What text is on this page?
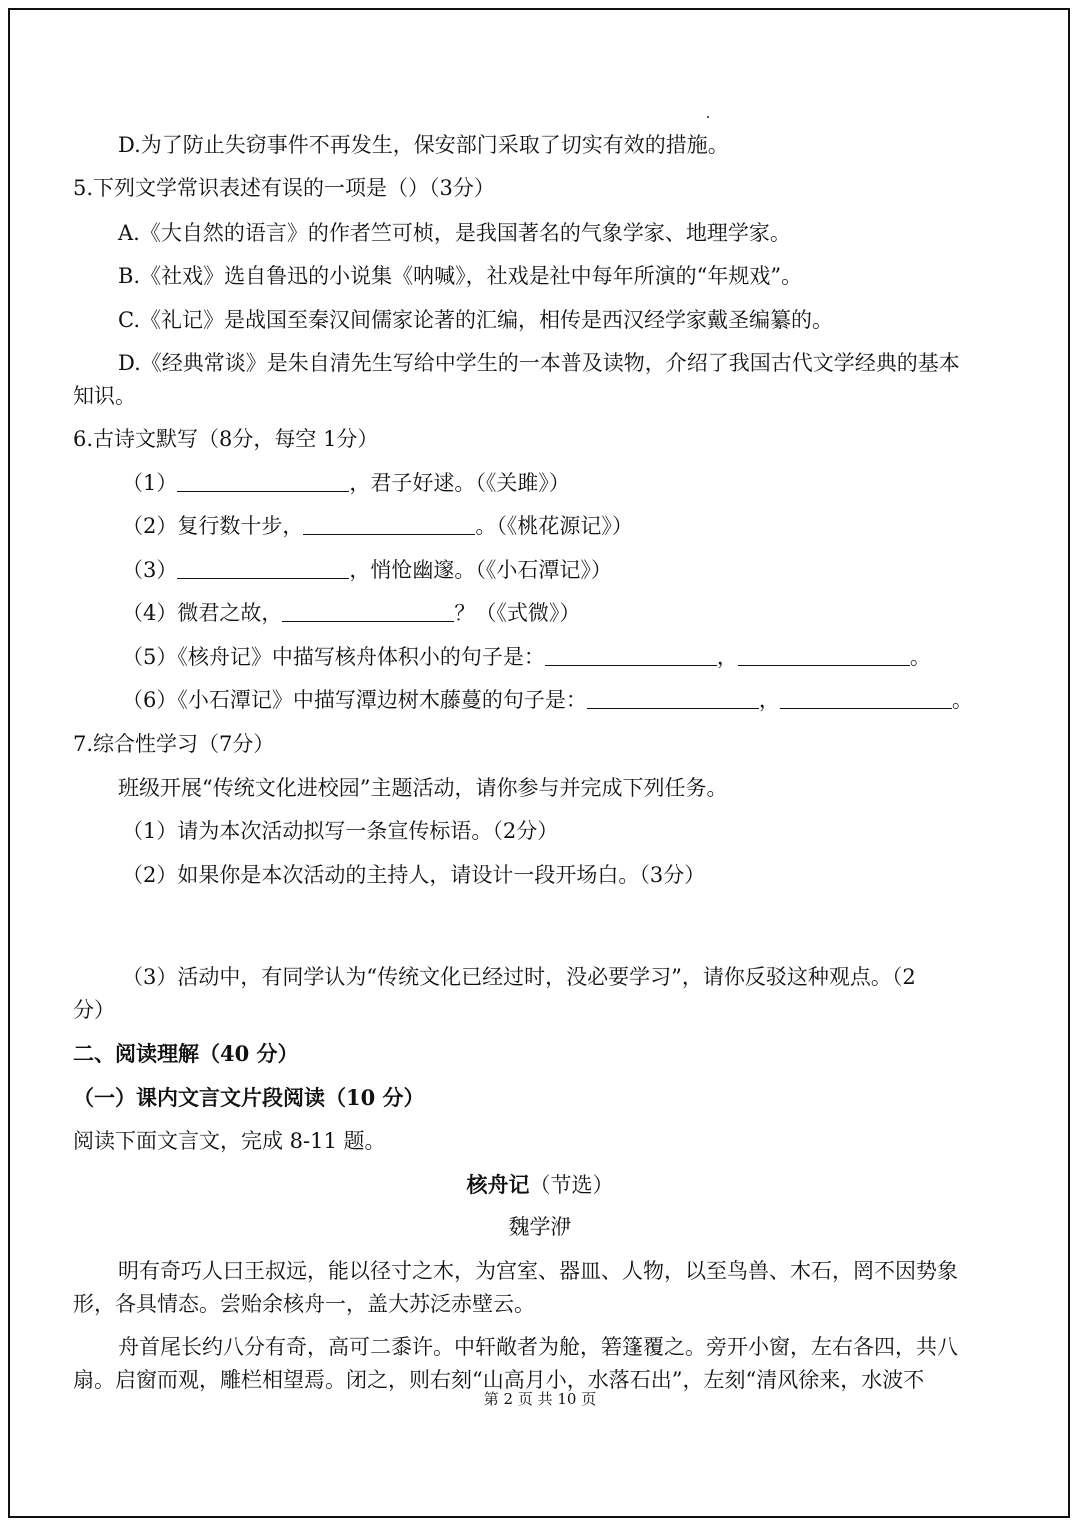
D.为了防止失窃事件不再发生，保安部门采取了切实有效的措施。
5.下列文学常识表述有误的一项是（）（3分）
A.《大自然的语言》的作者竺可桢，是我国著名的气象学家、地理学家。
B.《社戏》选自鲁迅的小说集《呐喊》，社戏是社中每年所演的“年规戏”。
C.《礼记》是战国至秦汉间儒家论著的汇编，相传是西汉经学家戴圣编纂的。
D.《经典常谈》是朱自清先生写给中学生的一本普及读物，介绍了我国古代文学经典的基本
知识。
6.古诗文默写（8分，每空 1分）
（1）	，君子好逑。（《关雎》）
（2）复行数十步，	。（《桃花源记》）
（3）	，悄怆幽邃。（《小石潭记》）
（4）微君之故，	？（《式微》）
（5）《核舟记》中描写核舟体积小的句子是：	，	。
（6）《小石潭记》中描写潭边树木藤蔓的句子是：	，	。
7.综合性学习（7分）
班级开展“传统文化进校园”主题活动，请你参与并完成下列任务。
（1）请为本次活动拟写一条宣传标语。（2分）
（2）如果你是本次活动的主持人，请设计一段开场白。（3分）
（3）活动中，有同学认为“传统文化已经过时，没必要学习”，请你反驳这种观点。（2
分）
二、阅读理解（40 分）
（一）课内文言文片段阅读（10 分）
阅读下面文言文，完成 8-11 题。
核舟记（节选）
魏学洢
明有奇巧人曰王叔远，能以径寸之木，为宫室、器皿、人物，以至鸟兽、木石，罔不因势象
形，各具情态。尝贻余核舟一，盖大苏泛赤壁云。
舟首尾长约八分有奇，高可二黍许。中轩敞者为舱，箬篷覆之。旁开小窗，左右各四，共八
扇。启窗而观，雕栏相望焉。闭之，则右刻“山高月小，水落石出”，左刻“清风徐来，水波不
第 2 页 共 10 页
